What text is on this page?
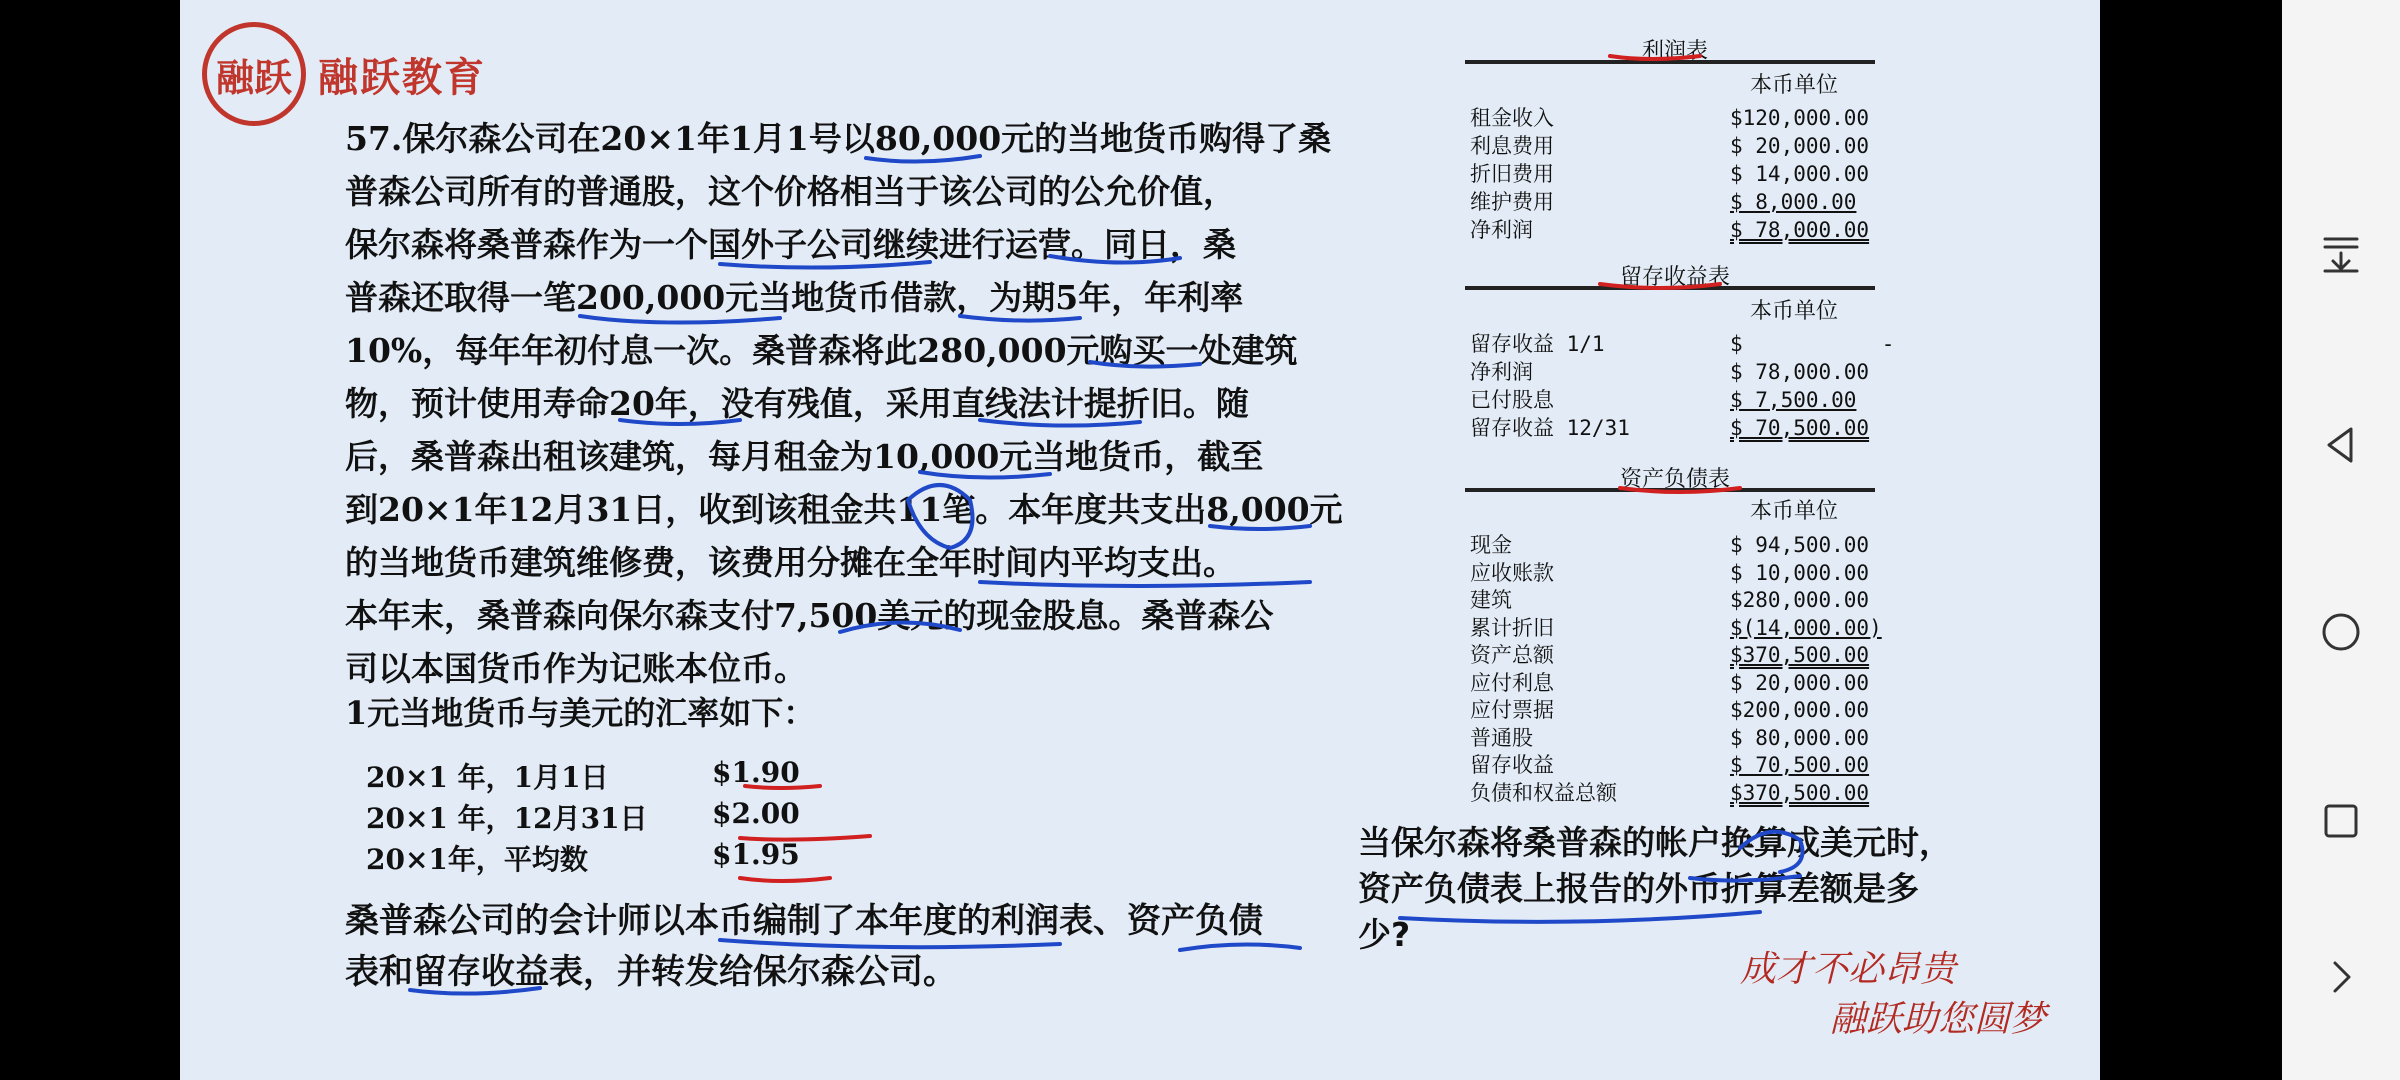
融跃 融跃教育

57.保尔森公司在20×1年1月1号以80,000元的当地货币购得了桑

普森公司所有的普通股，这个价格相当于该公司的公允价值，

保尔森将桑普森作为一个国外子公司继续进行运营。同日，桑

普森还取得一笔200,000元当地货币借款，为期5年，年利率

10%，每年年初付息一次。桑普森将此280,000元购买一处建筑

物，预计使用寿命20年，没有残值，采用直线法计提折旧。随

后，桑普森出租该建筑，每月租金为10,000元当地货币，截至

到20×1年12月31日，收到该租金共11笔。本年度共支出8,000元

的当地货币建筑维修费，该费用分摊在全年时间内平均支出。

本年末，桑普森向保尔森支付7,500美元的现金股息。桑普森公

司以本国货币作为记账本位币。

1元当地货币与美元的汇率如下：
20×1 年，1月1日	$1.90
20×1 年，12月31日	$2.00
20×1年，平均数	$1.95
桑普森公司的会计师以本币编制了本年度的利润表、资产负债
表和留存收益表，并转发给保尔森公司。
利润表
本币单位
租金收入	$120,000.00
利息费用	$ 20,000.00
折旧费用	$ 14,000.00
维护费用	$ 8,000.00
净利润	$ 78,000.00
留存收益表
本币单位
留存收益 1/1	$           -
净利润	$ 78,000.00
已付股息	$ 7,500.00
留存收益 12/31	$ 70,500.00
资产负债表
本币单位
现金	$ 94,500.00
应收账款	$ 10,000.00
建筑	$280,000.00
累计折旧	$(14,000.00)
资产总额	$370,500.00
应付利息	$ 20,000.00
应付票据	$200,000.00
普通股	$ 80,000.00
留存收益	$ 70,500.00
负债和权益总额	$370,500.00
当保尔森将桑普森的帐户换算成美元时，
资产负债表上报告的外币折算差额是多
少?
成才不必昂贵
融跃助您圆梦
